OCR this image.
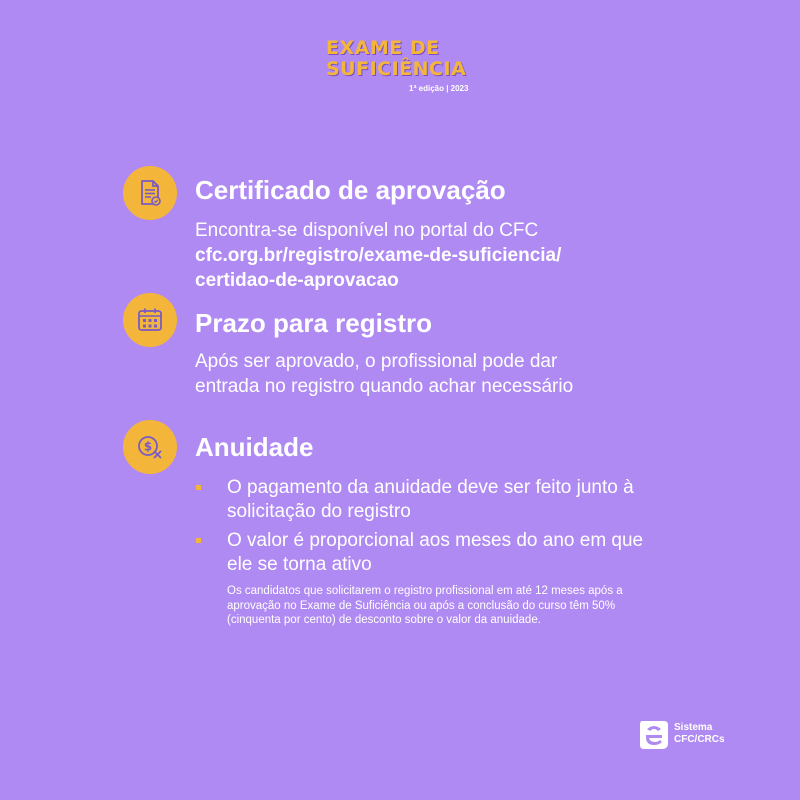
EXAME DE
SUFICIÊNCIA
1ª edição | 2023
Certificado de aprovação
Encontra-se disponível no portal do CFC
cfc.org.br/registro/exame-de-suficiencia/
certidao-de-aprovacao
Prazo para registro
Após ser aprovado, o profissional pode dar
entrada no registro quando achar necessário
$ Anuidade
O pagamento da anuidade deve ser feito junto à
solicitação do registro
O valor é proporcional aos meses do ano em que
ele se torna ativo
Os candidatos que solicitarem o registro profissional em até 12 meses após a aprovação no Exame de Suficiência ou após a conclusão do curso têm 50% (cinquenta por cento) de desconto sobre o valor da anuidade.
Sistema
CFC/CRCs
